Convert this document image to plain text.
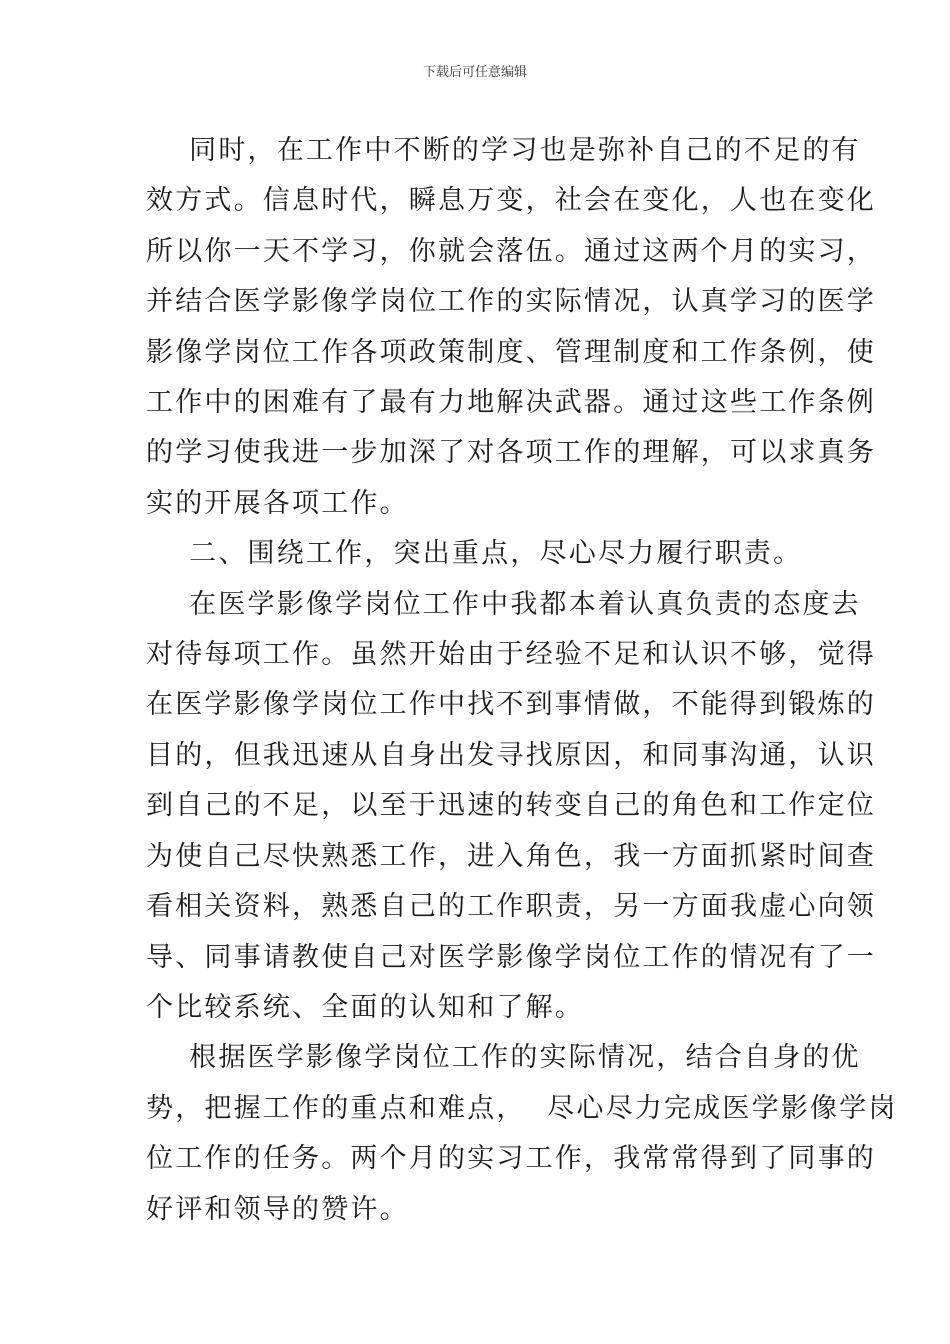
下载后可任意编辑

同时，在工作中不断的学习也是弥补自己的不足的有

效方式。信息时代，瞬息万变，社会在变化，人也在变化

所以你一天不学习，你就会落伍。通过这两个月的实习，

并结合医学影像学岗位工作的实际情况，认真学习的医学

影像学岗位工作各项政策制度、管理制度和工作条例，使

工作中的困难有了最有力地解决武器。通过这些工作条例

的学习使我进一步加深了对各项工作的理解，可以求真务

实的开展各项工作。

二、围绕工作，突出重点，尽心尽力履行职责。

在医学影像学岗位工作中我都本着认真负责的态度去

对待每项工作。虽然开始由于经验不足和认识不够，觉得

在医学影像学岗位工作中找不到事情做，不能得到锻炼的

目的，但我迅速从自身出发寻找原因，和同事沟通，认识

到自己的不足，以至于迅速的转变自己的角色和工作定位

为使自己尽快熟悉工作，进入角色，我一方面抓紧时间查

看相关资料，熟悉自己的工作职责，另一方面我虚心向领

导、同事请教使自己对医学影像学岗位工作的情况有了一

个比较系统、全面的认知和了解。

根据医学影像学岗位工作的实际情况，结合自身的优

势，把握工作的重点和难点，  尽心尽力完成医学影像学岗

位工作的任务。两个月的实习工作，我常常得到了同事的

好评和领导的赞许。
